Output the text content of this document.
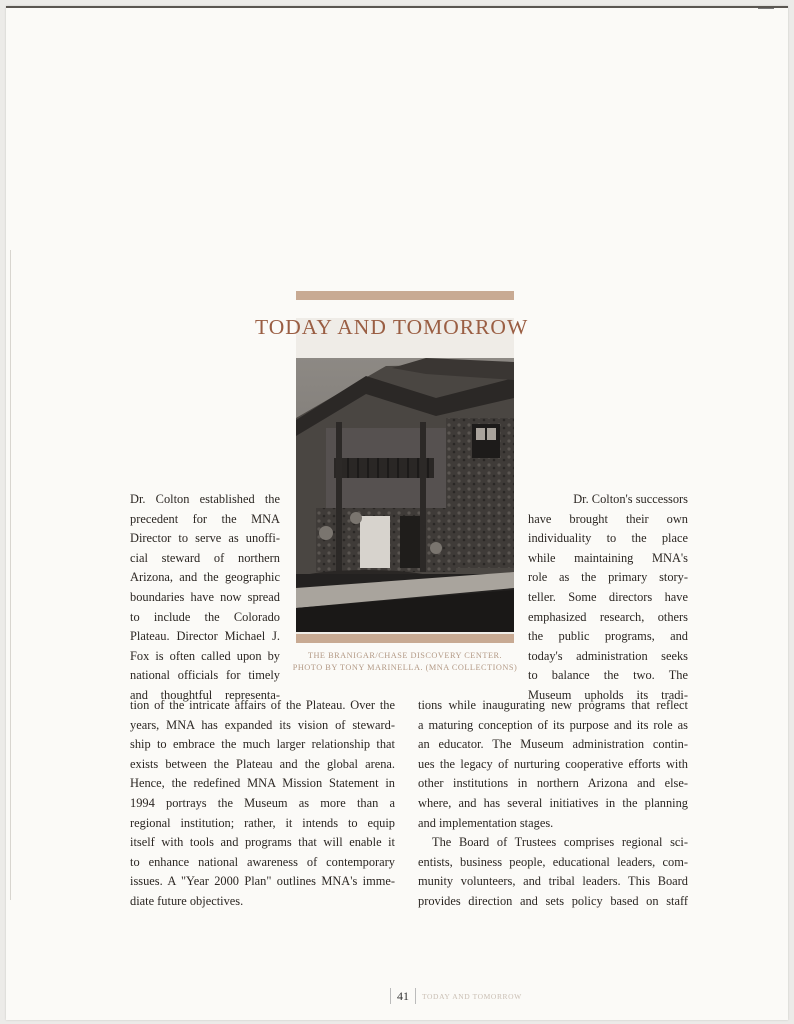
TODAY AND TOMORROW
THE BRANIGAR/CHASE DISCOVERY CENTER.
PHOTO BY TONY MARINELLA. (MNA COLLECTIONS)

Dr. Colton established the
precedent for the MNA
Director to serve as unoffi-
cial steward of northern
Arizona, and the geographic
boundaries have now spread
to include the Colorado
Plateau. Director Michael J.
Fox is often called upon by
national officials for timely
and thoughtful representa-

tion of the intricate affairs of the Plateau. Over the
years, MNA has expanded its vision of steward-
ship to embrace the much larger relationship that
exists between the Plateau and the global arena.
Hence, the redefined MNA Mission Statement in
1994 portrays the Museum as more than a
regional institution; rather, it intends to equip
itself with tools and programs that will enable it
to enhance national awareness of contemporary
issues. A "Year 2000 Plan" outlines MNA's imme-
diate future objectives.

Dr. Colton's successors
have brought their own
individuality to the place
while maintaining MNA's
role as the primary story-
teller. Some directors have
emphasized research, others
the public programs, and
today's administration seeks
to balance the two. The
Museum upholds its tradi-

tions while inaugurating new programs that reflect
a maturing conception of its purpose and its role as
an educator. The Museum administration contin-
ues the legacy of nurturing cooperative efforts with
other institutions in northern Arizona and else-
where, and has several initiatives in the planning
and implementation stages.
The Board of Trustees comprises regional sci-
entists, business people, educational leaders, com-
munity volunteers, and tribal leaders. This Board
provides direction and sets policy based on staff

41 TODAY AND TOMORROW
